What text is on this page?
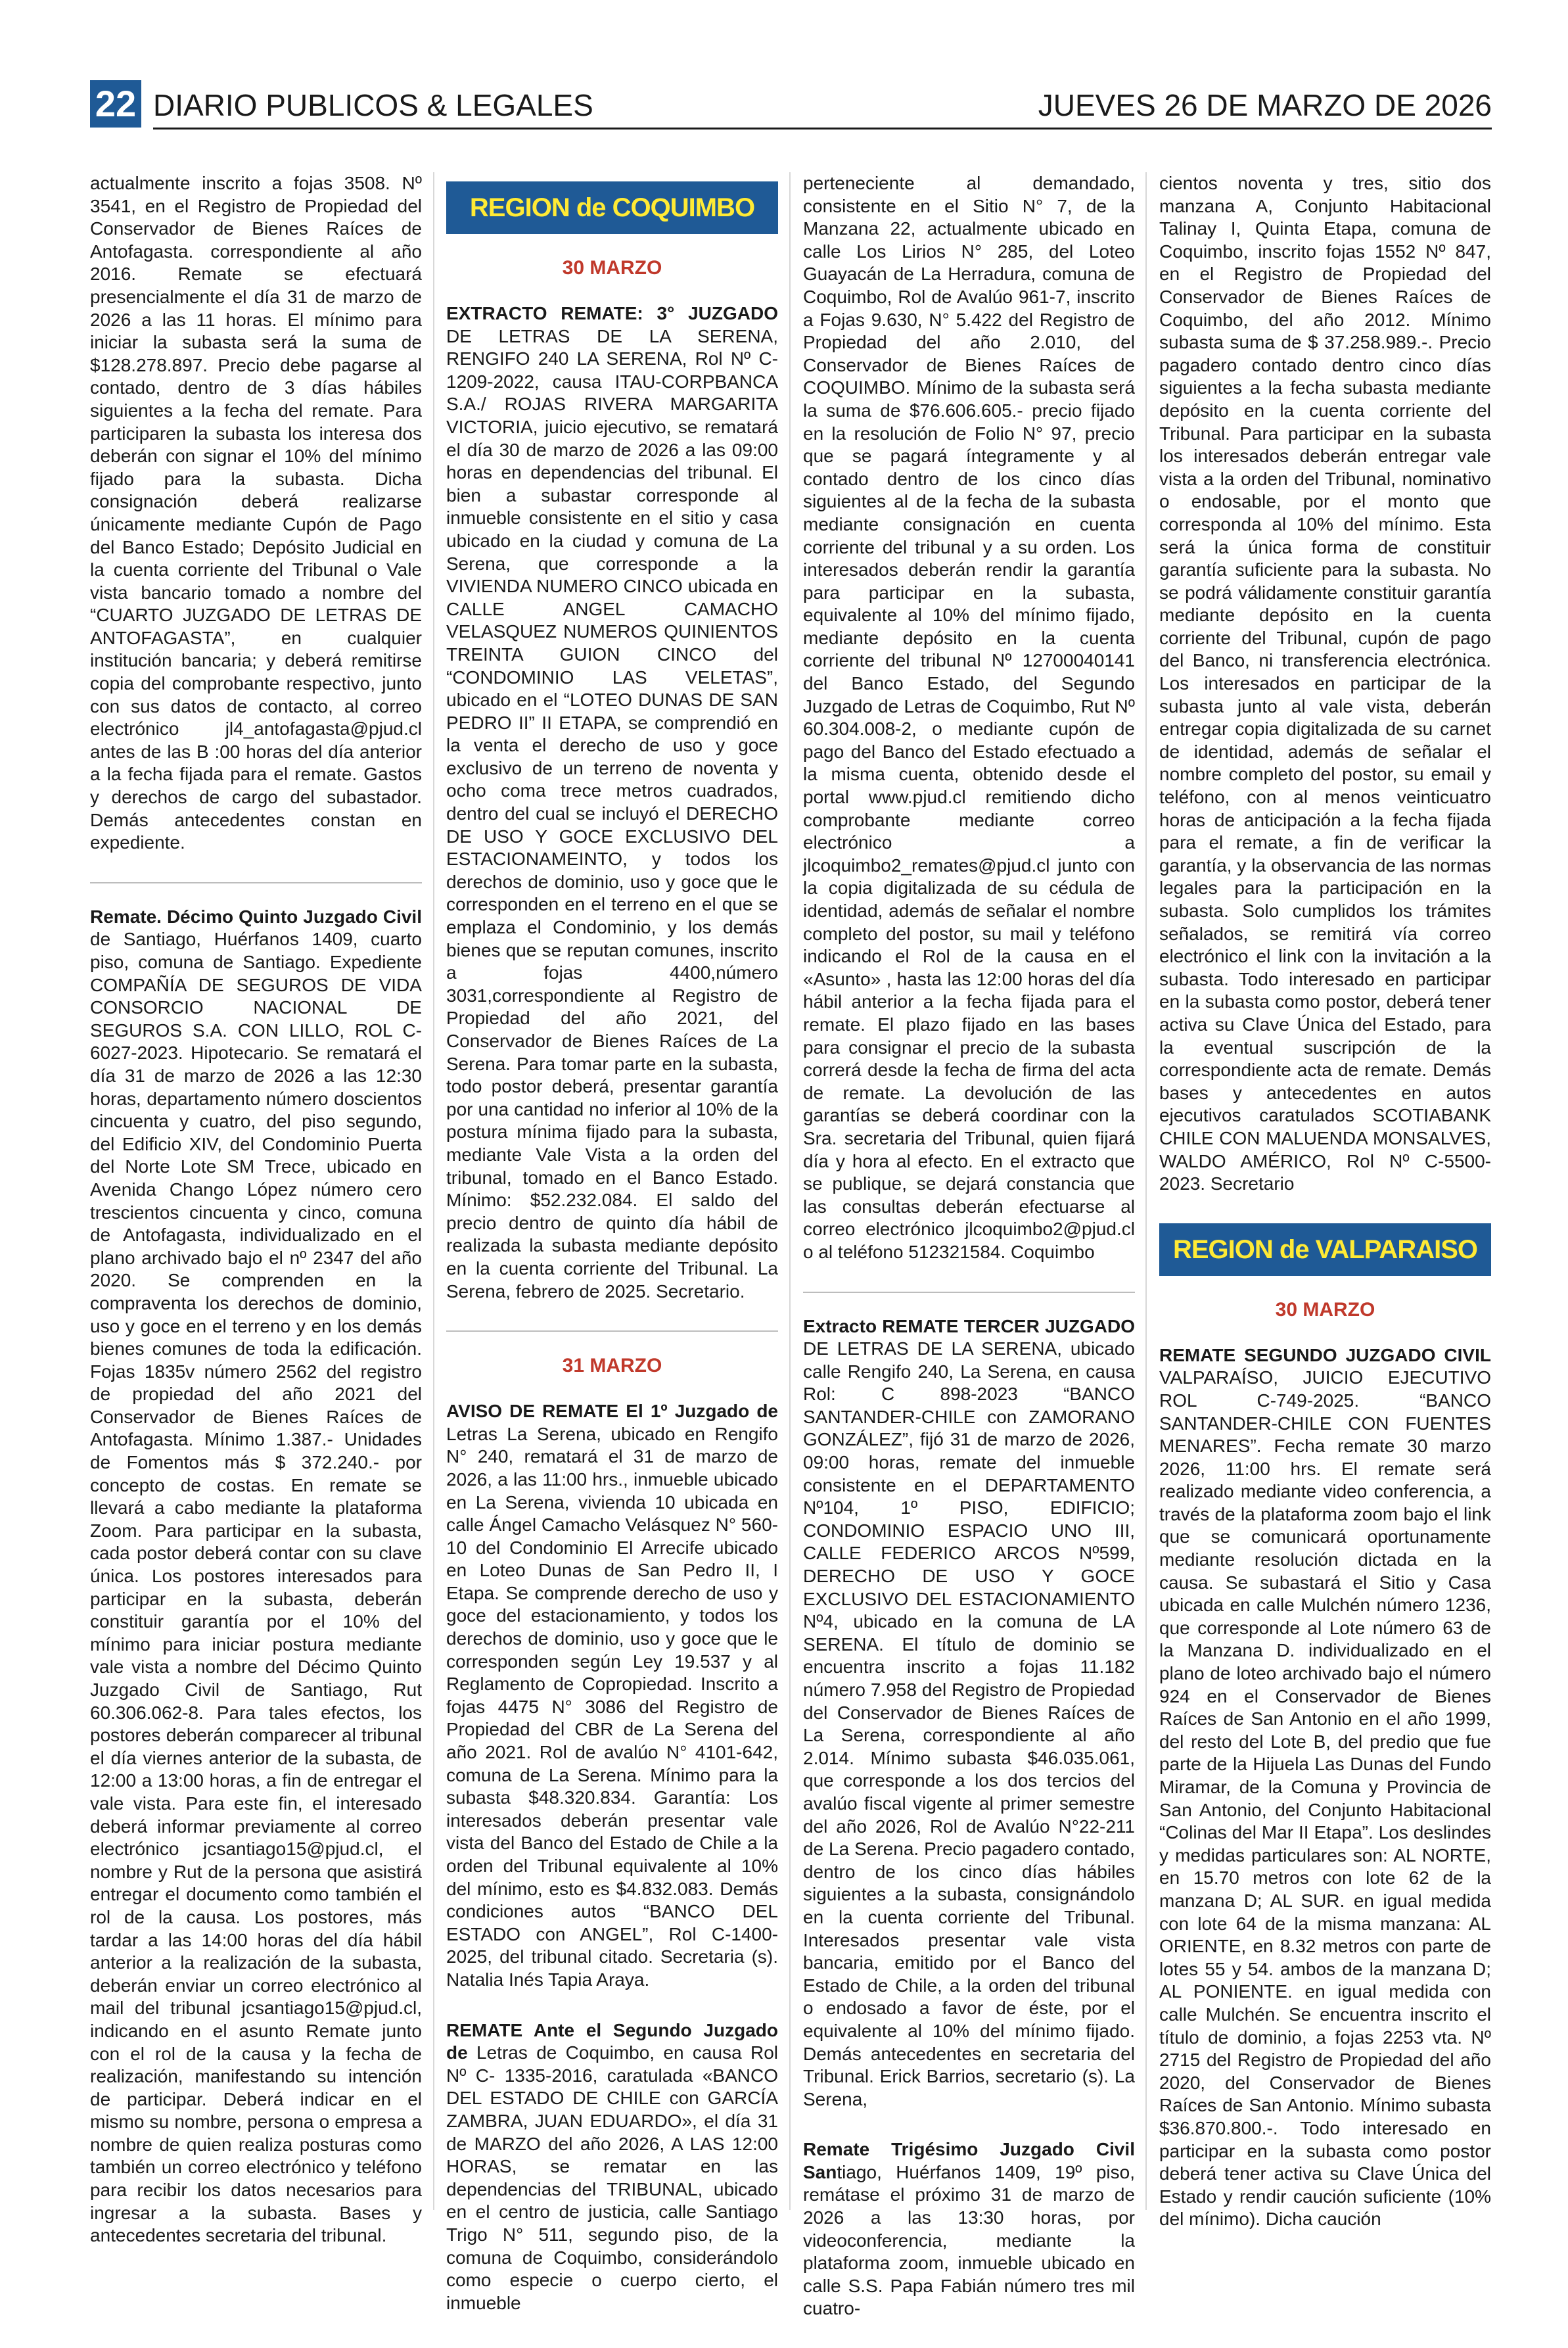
22 DIARIO PUBLICOS & LEGALES	JUEVES 26 DE MARZO DE 2026
actualmente inscrito a fojas 3508. Nº 3541, en el Registro de Propiedad del Conservador de Bienes Raíces de Antofagasta. correspondiente al año 2016. Remate se efectuará presencialmente el día 31 de marzo de 2026 a las 11 horas. El mínimo para iniciar la subasta será la suma de $128.278.897. Precio debe pagarse al contado, dentro de 3 días hábiles siguientes a la fecha del remate. Para participaren la subasta los interesa dos deberán con signar el 10% del mínimo fijado para la subasta. Dicha consignación deberá realizarse únicamente mediante Cupón de Pago del Banco Estado; Depósito Judicial en la cuenta corriente del Tribunal o Vale vista bancario tomado a nombre del “CUARTO JUZGADO DE LETRAS DE ANTOFAGASTA”, en cualquier institución bancaria; y deberá remitirse copia del comprobante respectivo, junto con sus datos de contacto, al correo electrónico jl4_antofagasta@pjud.cl antes de las B :00 horas del día anterior a la fecha fijada para el remate. Gastos y derechos de cargo del subastador. Demás antecedentes constan en expediente.
Remate. Décimo Quinto Juzgado Civil de Santiago, Huérfanos 1409, cuarto piso, comuna de Santiago. Expediente COMPAÑÍA DE SEGUROS DE VIDA CONSORCIO NACIONAL DE SEGUROS S.A. CON LILLO, ROL C-6027-2023. Hipotecario. Se rematará el día 31 de marzo de 2026 a las 12:30 horas, departamento número doscientos cincuenta y cuatro, del piso segundo, del Edificio XIV, del Condominio Puerta del Norte Lote SM Trece, ubicado en Avenida Chango López número cero trescientos cincuenta y cinco, comuna de Antofagasta, individualizado en el plano archivado bajo el nº 2347 del año 2020. Se comprenden en la compraventa los derechos de dominio, uso y goce en el terreno y en los demás bienes comunes de toda la edificación. Fojas 1835v número 2562 del registro de propiedad del año 2021 del Conservador de Bienes Raíces de Antofagasta. Mínimo 1.387.- Unidades de Fomentos más $ 372.240.- por concepto de costas. En remate se llevará a cabo mediante la plataforma Zoom. Para participar en la subasta, cada postor deberá contar con su clave única. Los postores interesados para participar en la subasta, deberán constituir garantía por el 10% del mínimo para iniciar postura mediante vale vista a nombre del Décimo Quinto Juzgado Civil de Santiago, Rut 60.306.062-8. Para tales efectos, los postores deberán comparecer al tribunal el día viernes anterior de la subasta, de 12:00 a 13:00 horas, a fin de entregar el vale vista. Para este fin, el interesado deberá informar previamente al correo electrónico jcsantiago15@pjud.cl, el nombre y Rut de la persona que asistirá entregar el documento como también el rol de la causa. Los postores, más tardar a las 14:00 horas del día hábil anterior a la realización de la subasta, deberán enviar un correo electrónico al mail del tribunal jcsantiago15@pjud.cl, indicando en el asunto Remate junto con el rol de la causa y la fecha de realización, manifestando su intención de participar. Deberá indicar en el mismo su nombre, persona o empresa a nombre de quien realiza posturas como también un correo electrónico y teléfono para recibir los datos necesarios para ingresar a la subasta. Bases y antecedentes secretaria del tribunal.
REGION de COQUIMBO
30 MARZO
EXTRACTO REMATE: 3° JUZGADO DE LETRAS DE LA SERENA, RENGIFO 240 LA SERENA, Rol Nº C-1209-2022, causa ITAU-CORPBANCA S.A./ ROJAS RIVERA MARGARITA VICTORIA, juicio ejecutivo, se rematará el día 30 de marzo de 2026 a las 09:00 horas en dependencias del tribunal. El bien a subastar corresponde al inmueble consistente en el sitio y casa ubicado en la ciudad y comuna de La Serena, que corresponde a la VIVIENDA NUMERO CINCO ubicada en CALLE ANGEL CAMACHO VELASQUEZ NUMEROS QUINIENTOS TREINTA GUION CINCO del “CONDOMINIO LAS VELETAS”, ubicado en el “LOTEO DUNAS DE SAN PEDRO II” II ETAPA, se comprendió en la venta el derecho de uso y goce exclusivo de un terreno de noventa y ocho coma trece metros cuadrados, dentro del cual se incluyó el DERECHO DE USO Y GOCE EXCLUSIVO DEL ESTACIONAMEINTO, y todos los derechos de dominio, uso y goce que le corresponden en el terreno en el que se emplaza el Condominio, y los demás bienes que se reputan comunes, inscrito a fojas 4400,número 3031,correspondiente al Registro de Propiedad del año 2021, del Conservador de Bienes Raíces de La Serena. Para tomar parte en la subasta, todo postor deberá, presentar garantía por una cantidad no inferior al 10% de la postura mínima fijado para la subasta, mediante Vale Vista a la orden del tribunal, tomado en el Banco Estado. Mínimo: $52.232.084. El saldo del precio dentro de quinto día hábil de realizada la subasta mediante depósito en la cuenta corriente del Tribunal. La Serena, febrero de 2025. Secretario.
31 MARZO
AVISO DE REMATE El 1º Juzgado de Letras La Serena, ubicado en Rengifo N° 240, rematará el 31 de marzo de 2026, a las 11:00 hrs., inmueble ubicado en La Serena, vivienda 10 ubicada en calle Ángel Camacho Velásquez N° 560-10 del Condominio El Arrecife ubicado en Loteo Dunas de San Pedro II, I Etapa. Se comprende derecho de uso y goce del estacionamiento, y todos los derechos de dominio, uso y goce que le corresponden según Ley 19.537 y al Reglamento de Copropiedad. Inscrito a fojas 4475 N° 3086 del Registro de Propiedad del CBR de La Serena del año 2021. Rol de avalúo N° 4101-642, comuna de La Serena. Mínimo para la subasta $48.320.834. Garantía: Los interesados deberán presentar vale vista del Banco del Estado de Chile a la orden del Tribunal equivalente al 10% del mínimo, esto es $4.832.083. Demás condiciones autos “BANCO DEL ESTADO con ANGEL”, Rol C-1400-2025, del tribunal citado. Secretaria (s). Natalia Inés Tapia Araya.
REMATE Ante el Segundo Juzgado de Letras de Coquimbo, en causa Rol Nº C- 1335-2016, caratulada «BANCO DEL ESTADO DE CHILE con GARCÍA ZAMBRA, JUAN EDUARDO», el día 31 de MARZO del año 2026, A LAS 12:00 HORAS, se rematar en las dependencias del TRIBUNAL, ubicado en el centro de justicia, calle Santiago Trigo N° 511, segundo piso, de la comuna de Coquimbo, considerándolo como especie o cuerpo cierto, el inmueble
perteneciente al demandado, consistente en el Sitio N° 7, de la Manzana 22, actualmente ubicado en calle Los Lirios N° 285, del Loteo Guayacán de La Herradura, comuna de Coquimbo, Rol de Avalúo 961-7, inscrito a Fojas 9.630, N° 5.422 del Registro de Propiedad del año 2.010, del Conservador de Bienes Raíces de COQUIMBO. Mínimo de la subasta será la suma de $76.606.605.- precio fijado en la resolución de Folio N° 97, precio que se pagará íntegramente y al contado dentro de los cinco días siguientes al de la fecha de la subasta mediante consignación en cuenta corriente del tribunal y a su orden. Los interesados deberán rendir la garantía para participar en la subasta, equivalente al 10% del mínimo fijado, mediante depósito en la cuenta corriente del tribunal Nº 12700040141 del Banco Estado, del Segundo Juzgado de Letras de Coquimbo, Rut Nº 60.304.008-2, o mediante cupón de pago del Banco del Estado efectuado a la misma cuenta, obtenido desde el portal www.pjud.cl remitiendo dicho comprobante mediante correo electrónico a jlcoquimbo2_remates@pjud.cl junto con la copia digitalizada de su cédula de identidad, además de señalar el nombre completo del postor, su mail y teléfono indicando el Rol de la causa en el «Asunto» , hasta las 12:00 horas del día hábil anterior a la fecha fijada para el remate. El plazo fijado en las bases para consignar el precio de la subasta correrá desde la fecha de firma del acta de remate. La devolución de las garantías se deberá coordinar con la Sra. secretaria del Tribunal, quien fijará día y hora al efecto. En el extracto que se publique, se dejará constancia que las consultas deberán efectuarse al correo electrónico jlcoquimbo2@pjud.cl o al teléfono 512321584. Coquimbo
Extracto REMATE TERCER JUZGADO DE LETRAS DE LA SERENA, ubicado calle Rengifo 240, La Serena, en causa Rol: C 898-2023 “BANCO SANTANDER-CHILE con ZAMORANO GONZÁLEZ”, fijó 31 de marzo de 2026, 09:00 horas, remate del inmueble consistente en el DEPARTAMENTO Nº104, 1º PISO, EDIFICIO; CONDOMINIO ESPACIO UNO III, CALLE FEDERICO ARCOS Nº599, DERECHO DE USO Y GOCE EXCLUSIVO DEL ESTACIONAMIENTO Nº4, ubicado en la comuna de LA SERENA. El título de dominio se encuentra inscrito a fojas 11.182 número 7.958 del Registro de Propiedad del Conservador de Bienes Raíces de La Serena, correspondiente al año 2.014. Mínimo subasta $46.035.061, que corresponde a los dos tercios del avalúo fiscal vigente al primer semestre del año 2026, Rol de Avalúo N°22-211 de La Serena. Precio pagadero contado, dentro de los cinco días hábiles siguientes a la subasta, consignándolo en la cuenta corriente del Tribunal. Interesados presentar vale vista bancaria, emitido por el Banco del Estado de Chile, a la orden del tribunal o endosado a favor de éste, por el equivalente al 10% del mínimo fijado. Demás antecedentes en secretaria del Tribunal. Erick Barrios, secretario (s). La Serena,
Remate Trigésimo Juzgado Civil Santiago, Huérfanos 1409, 19º piso, remátase el próximo 31 de marzo de 2026 a las 13:30 horas, por videoconferencia, mediante la plataforma zoom, inmueble ubicado en calle S.S. Papa Fabián número tres mil cuatro-
cientos noventa y tres, sitio dos manzana A, Conjunto Habitacional Talinay I, Quinta Etapa, comuna de Coquimbo, inscrito fojas 1552 Nº 847, en el Registro de Propiedad del Conservador de Bienes Raíces de Coquimbo, del año 2012. Mínimo subasta suma de $ 37.258.989.-. Precio pagadero contado dentro cinco días siguientes a la fecha subasta mediante depósito en la cuenta corriente del Tribunal. Para participar en la subasta los interesados deberán entregar vale vista a la orden del Tribunal, nominativo o endosable, por el monto que corresponda al 10% del mínimo. Esta será la única forma de constituir garantía suficiente para la subasta. No se podrá válidamente constituir garantía mediante depósito en la cuenta corriente del Tribunal, cupón de pago del Banco, ni transferencia electrónica. Los interesados en participar de la subasta junto al vale vista, deberán entregar copia digitalizada de su carnet de identidad, además de señalar el nombre completo del postor, su email y teléfono, con al menos veinticuatro horas de anticipación a la fecha fijada para el remate, a fin de verificar la garantía, y la observancia de las normas legales para la participación en la subasta. Solo cumplidos los trámites señalados, se remitirá vía correo electrónico el link con la invitación a la subasta. Todo interesado en participar en la subasta como postor, deberá tener activa su Clave Única del Estado, para la eventual suscripción de la correspondiente acta de remate. Demás bases y antecedentes en autos ejecutivos caratulados SCOTIABANK CHILE CON MALUENDA MONSALVES, WALDO AMÉRICO, Rol Nº C-5500-2023. Secretario
REGION de VALPARAISO
30 MARZO
REMATE SEGUNDO JUZGADO CIVIL VALPARAÍSO, JUICIO EJECUTIVO ROL C-749-2025. “BANCO SANTANDER-CHILE CON FUENTES MENARES”. Fecha remate 30 marzo 2026, 11:00 hrs. El remate será realizado mediante video conferencia, a través de la plataforma zoom bajo el link que se comunicará oportunamente mediante resolución dictada en la causa. Se subastará el Sitio y Casa ubicada en calle Mulchén número 1236, que corresponde al Lote número 63 de la Manzana D. individualizado en el plano de loteo archivado bajo el número 924 en el Conservador de Bienes Raíces de San Antonio en el año 1999, del resto del Lote B, del predio que fue parte de la Hijuela Las Dunas del Fundo Miramar, de la Comuna y Provincia de San Antonio, del Conjunto Habitacional “Colinas del Mar II Etapa”. Los deslindes y medidas particulares son: AL NORTE, en 15.70 metros con lote 62 de la manzana D; AL SUR. en igual medida con lote 64 de la misma manzana: AL ORIENTE, en 8.32 metros con parte de lotes 55 y 54. ambos de la manzana D; AL PONIENTE. en igual medida con calle Mulchén. Se encuentra inscrito el título de dominio, a fojas 2253 vta. Nº 2715 del Registro de Propiedad del año 2020, del Conservador de Bienes Raíces de San Antonio. Mínimo subasta $36.870.800.-. Todo interesado en participar en la subasta como postor deberá tener activa su Clave Única del Estado y rendir caución suficiente (10% del mínimo). Dicha caución
